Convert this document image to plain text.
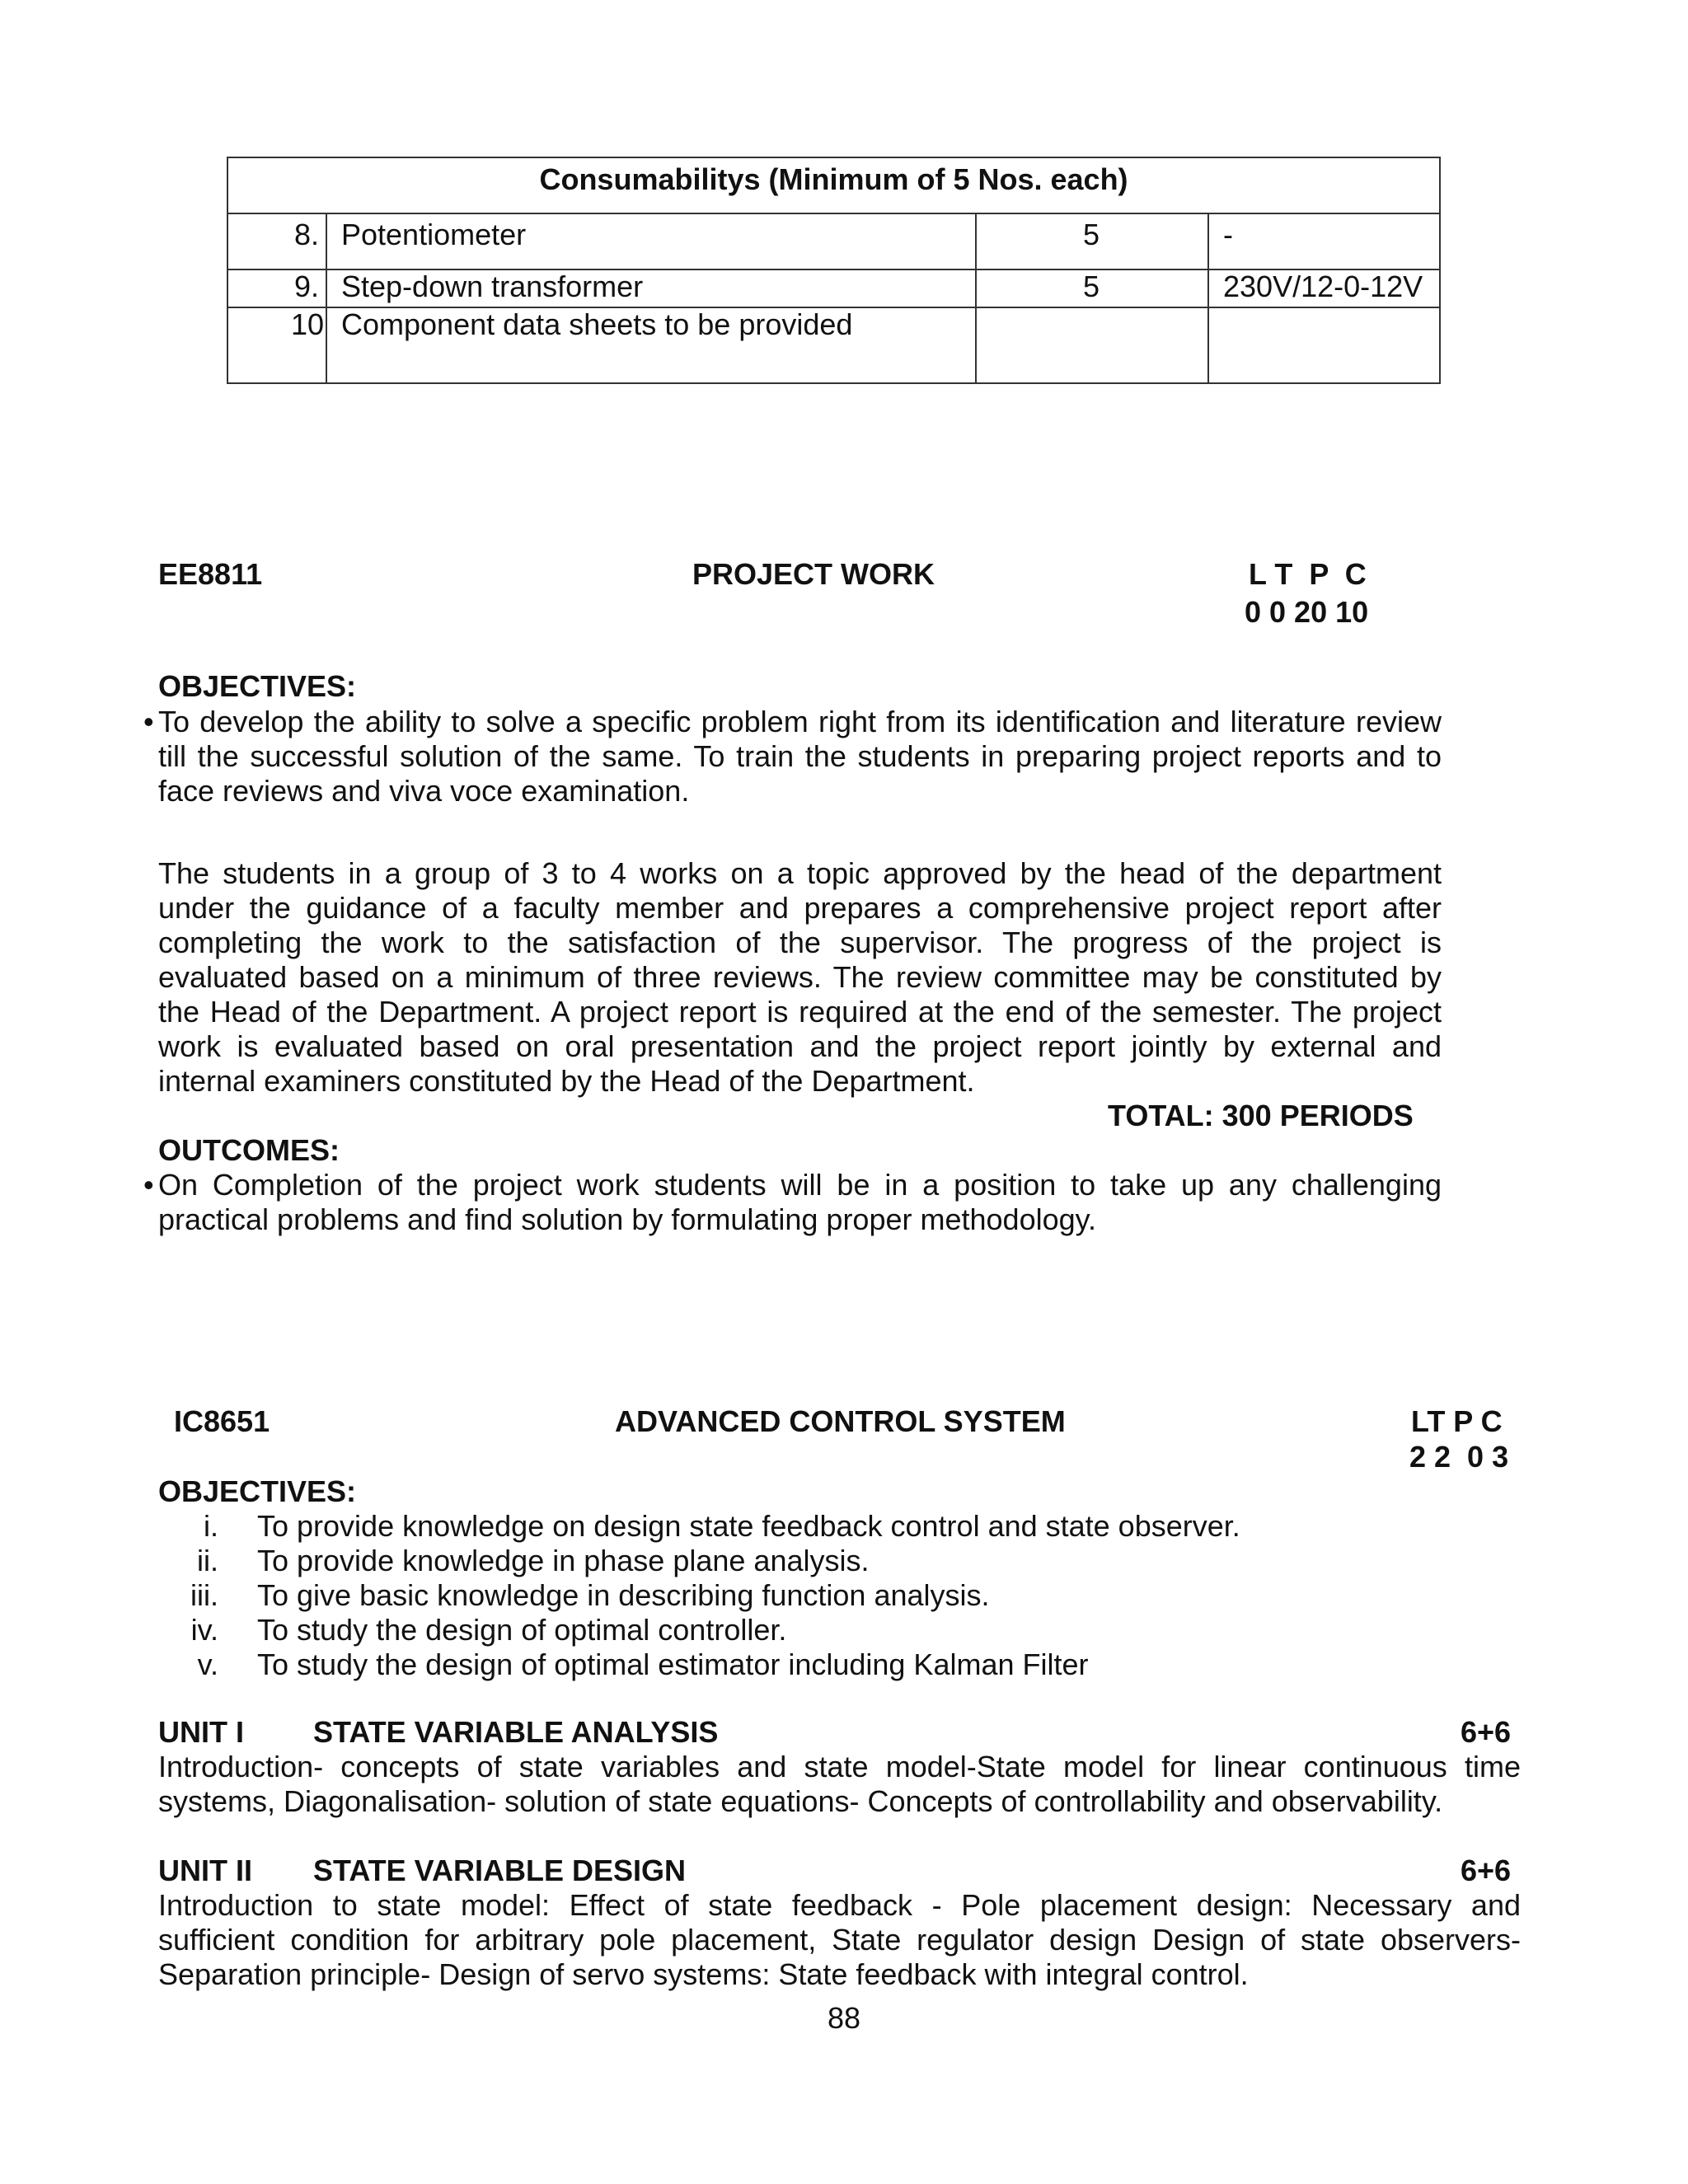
Consumabilitys (Minimum of 5 Nos. each)
8. Potentiometer	5	-
9. Step-down transformer	5	230V/12-0-12V
10 Component data sheets to be provided
EE8811	PROJECT WORK	L T  P  C
0 0 20 10
OBJECTIVES:
• To develop the ability to solve a specific problem right from its identification and literature review
till the successful solution of the same. To train the students in preparing project reports and to
face reviews and viva voce examination.
The students in a group of 3 to 4 works on a topic approved by the head of the department
under the guidance of a faculty member and prepares a comprehensive project report after
completing the work to the satisfaction of the supervisor. The progress of the project is
evaluated based on a minimum of three reviews. The review committee may be constituted by
the Head of the Department. A project report is required at the end of the semester. The project
work is evaluated based on oral presentation and the project report jointly by external and
internal examiners constituted by the Head of the Department.
TOTAL: 300 PERIODS
OUTCOMES:
• On Completion of the project work students will be in a position to take up any challenging
practical problems and find solution by formulating proper methodology.
IC8651	ADVANCED CONTROL SYSTEM	LT P C
2 2  0 3
OBJECTIVES:
i. To provide knowledge on design state feedback control and state observer.
ii. To provide knowledge in phase plane analysis.
iii. To give basic knowledge in describing function analysis.
iv. To study the design of optimal controller.
v. To study the design of optimal estimator including Kalman Filter
UNIT I STATE VARIABLE ANALYSIS	6+6
Introduction- concepts of state variables and state model-State model for linear continuous time
systems, Diagonalisation- solution of state equations- Concepts of controllability and observability.
UNIT II STATE VARIABLE DESIGN	6+6
Introduction to state model: Effect of state feedback - Pole placement design: Necessary and
sufficient condition for arbitrary pole placement, State regulator design Design of state observers-
Separation principle- Design of servo systems: State feedback with integral control.
88
